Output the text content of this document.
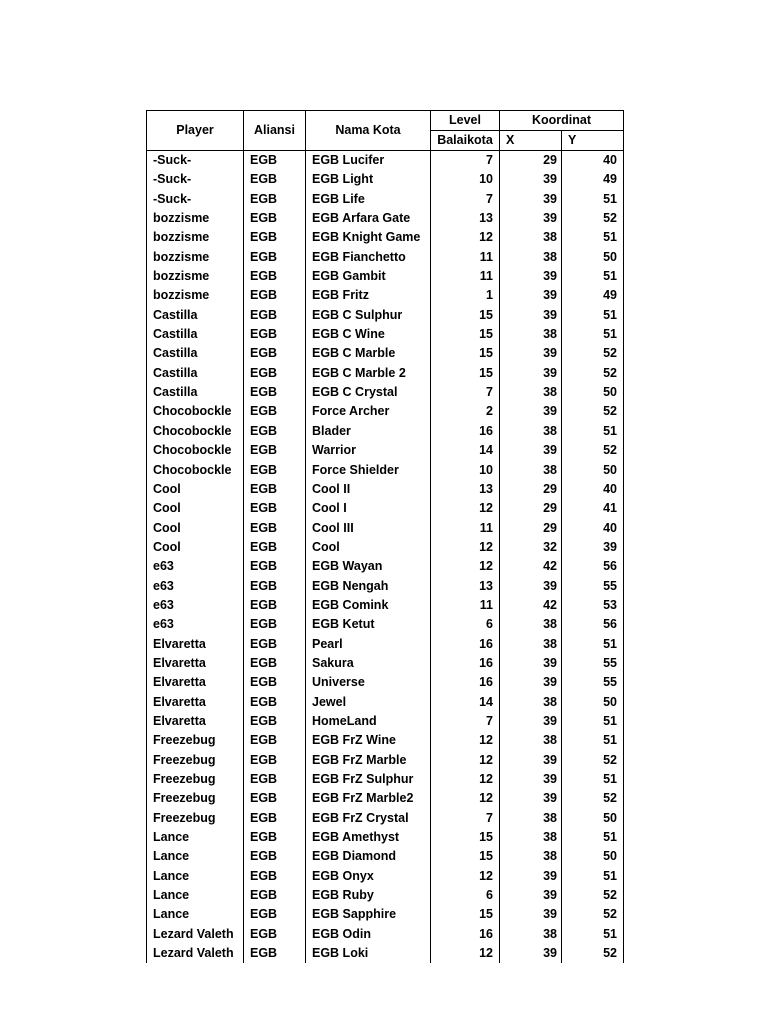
Player	Aliansi	Nama Kota	Level	Koordinat	
			Balaikota	X	Y
-Suck-	EGB	EGB Lucifer	7	29	40
-Suck-	EGB	EGB Light	10	39	49
-Suck-	EGB	EGB Life	7	39	51
bozzisme	EGB	EGB Arfara Gate	13	39	52
bozzisme	EGB	EGB Knight Game	12	38	51
bozzisme	EGB	EGB Fianchetto	11	38	50
bozzisme	EGB	EGB Gambit	11	39	51
bozzisme	EGB	EGB Fritz	1	39	49
Castilla	EGB	EGB C Sulphur	15	39	51
Castilla	EGB	EGB C Wine	15	38	51
Castilla	EGB	EGB C Marble	15	39	52
Castilla	EGB	EGB C Marble 2	15	39	52
Castilla	EGB	EGB C Crystal	7	38	50
Chocobockle	EGB	Force Archer	2	39	52
Chocobockle	EGB	Blader	16	38	51
Chocobockle	EGB	Warrior	14	39	52
Chocobockle	EGB	Force Shielder	10	38	50
Cool	EGB	Cool II	13	29	40
Cool	EGB	Cool I	12	29	41
Cool	EGB	Cool III	11	29	40
Cool	EGB	Cool	12	32	39
e63	EGB	EGB Wayan	12	42	56
e63	EGB	EGB Nengah	13	39	55
e63	EGB	EGB Comink	11	42	53
e63	EGB	EGB Ketut	6	38	56
Elvaretta	EGB	Pearl	16	38	51
Elvaretta	EGB	Sakura	16	39	55
Elvaretta	EGB	Universe	16	39	55
Elvaretta	EGB	Jewel	14	38	50
Elvaretta	EGB	HomeLand	7	39	51
Freezebug	EGB	EGB FrZ Wine	12	38	51
Freezebug	EGB	EGB FrZ Marble	12	39	52
Freezebug	EGB	EGB FrZ Sulphur	12	39	51
Freezebug	EGB	EGB FrZ Marble2	12	39	52
Freezebug	EGB	EGB FrZ Crystal	7	38	50
Lance	EGB	EGB Amethyst	15	38	51
Lance	EGB	EGB Diamond	15	38	50
Lance	EGB	EGB Onyx	12	39	51
Lance	EGB	EGB Ruby	6	39	52
Lance	EGB	EGB Sapphire	15	39	52
Lezard Valeth	EGB	EGB Odin	16	38	51
Lezard Valeth	EGB	EGB Loki	12	39	52
